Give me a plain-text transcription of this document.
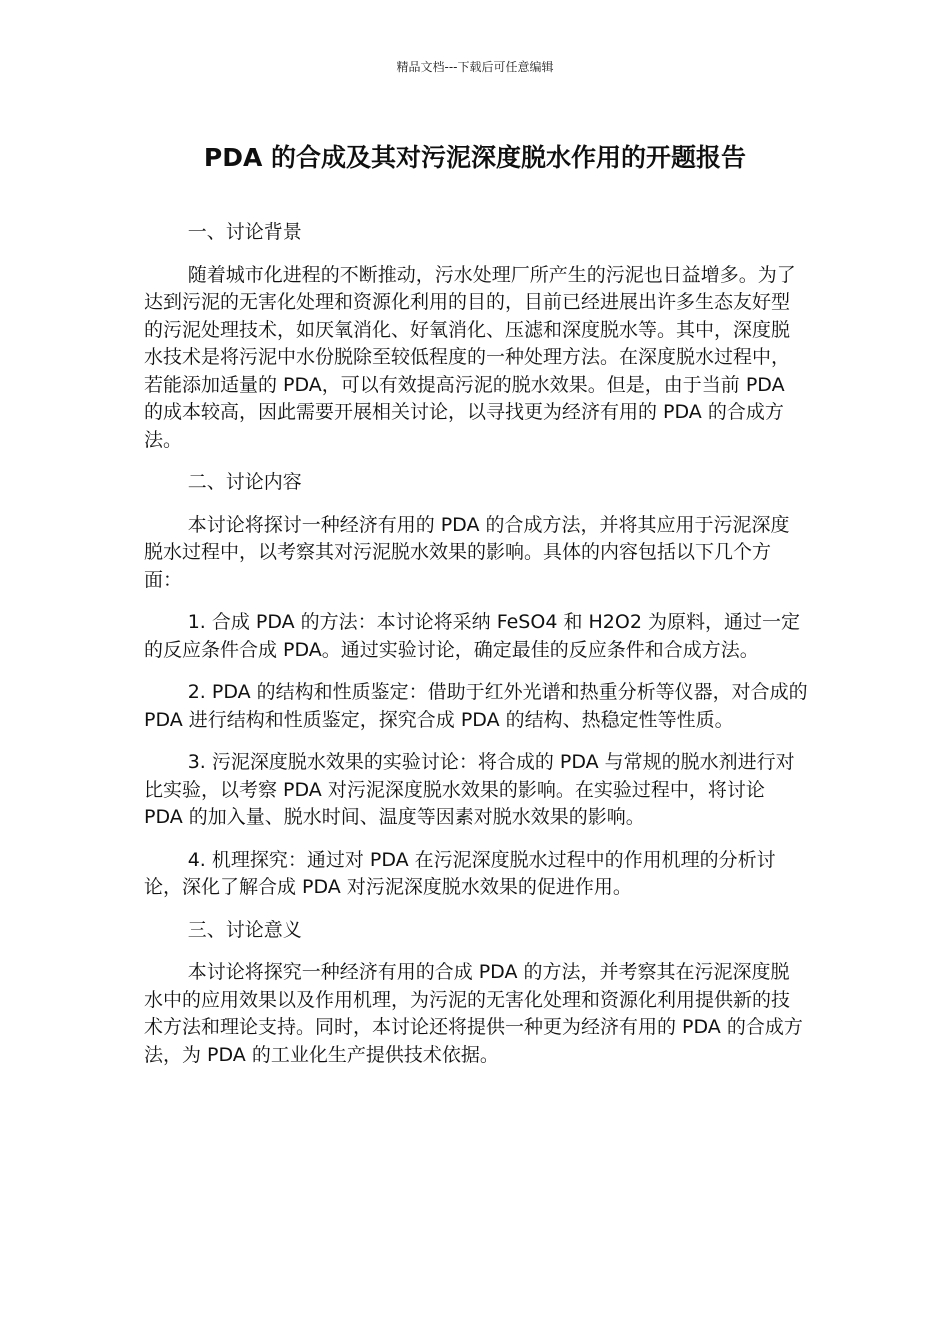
精品文档---下载后可任意编辑
PDA 的合成及其对污泥深度脱水作用的开题报告

一、讨论背景

随着城市化进程的不断推动，污水处理厂所产生的污泥也日益增多。为了达到污泥的无害化处理和资源化利用的目的，目前已经进展出许多生态友好型的污泥处理技术，如厌氧消化、好氧消化、压滤和深度脱水等。其中，深度脱水技术是将污泥中水份脱除至较低程度的一种处理方法。在深度脱水过程中，若能添加适量的 PDA，可以有效提高污泥的脱水效果。但是，由于当前 PDA 的成本较高，因此需要开展相关讨论，以寻找更为经济有用的 PDA 的合成方法。

二、讨论内容

本讨论将探讨一种经济有用的 PDA 的合成方法，并将其应用于污泥深度脱水过程中，以考察其对污泥脱水效果的影响。具体的内容包括以下几个方面：

1. 合成 PDA 的方法：本讨论将采纳 FeSO4 和 H2O2 为原料，通过一定的反应条件合成 PDA。通过实验讨论，确定最佳的反应条件和合成方法。

2. PDA 的结构和性质鉴定：借助于红外光谱和热重分析等仪器，对合成的 PDA 进行结构和性质鉴定，探究合成 PDA 的结构、热稳定性等性质。

3. 污泥深度脱水效果的实验讨论：将合成的 PDA 与常规的脱水剂进行对比实验，以考察 PDA 对污泥深度脱水效果的影响。在实验过程中，将讨论 PDA 的加入量、脱水时间、温度等因素对脱水效果的影响。

4. 机理探究：通过对 PDA 在污泥深度脱水过程中的作用机理的分析讨论，深化了解合成 PDA 对污泥深度脱水效果的促进作用。

三、讨论意义

本讨论将探究一种经济有用的合成 PDA 的方法，并考察其在污泥深度脱水中的应用效果以及作用机理，为污泥的无害化处理和资源化利用提供新的技术方法和理论支持。同时，本讨论还将提供一种更为经济有用的 PDA 的合成方法，为 PDA 的工业化生产提供技术依据。
